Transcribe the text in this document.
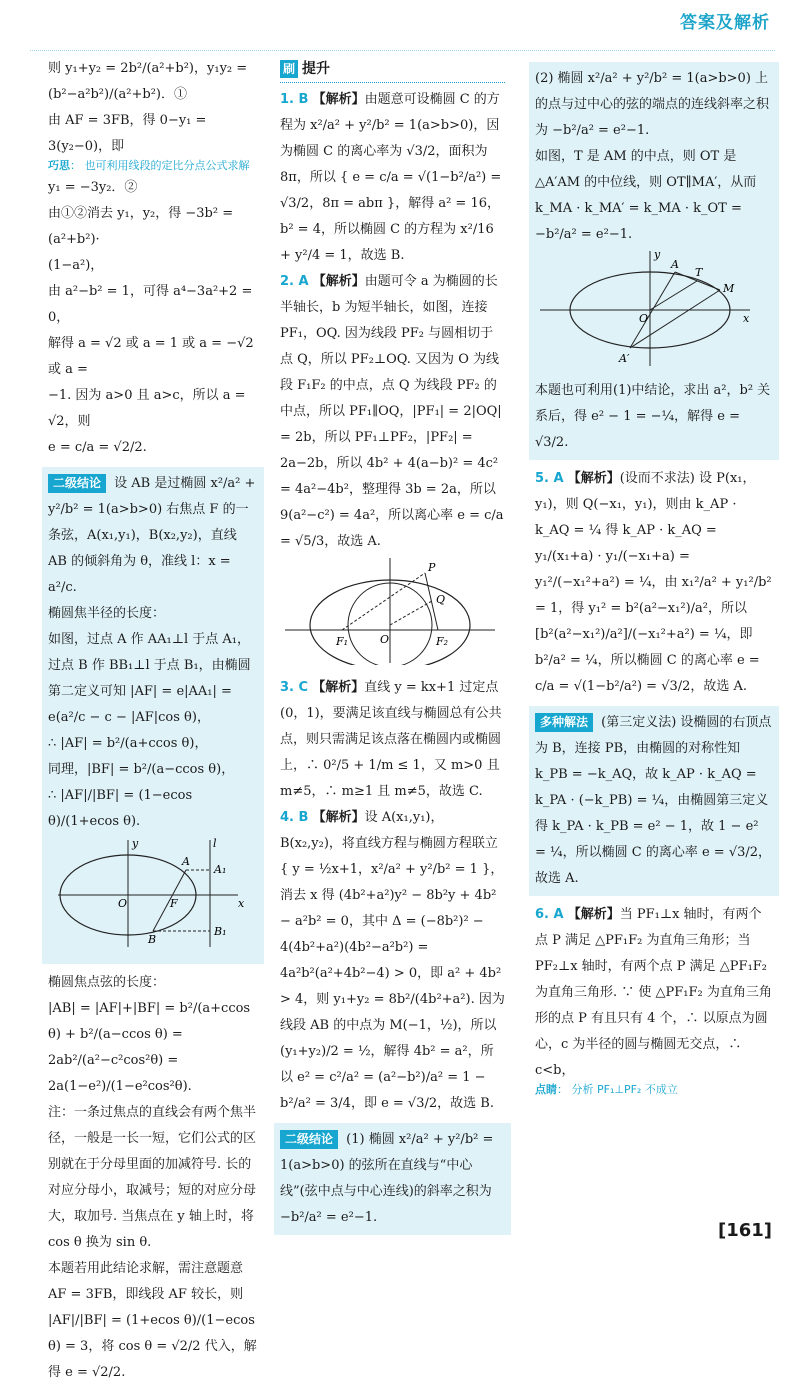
答案及解析

则 y₁+y₂ = 2b²/(a²+b²)，y₁y₂ = (b²−a²b²)/(a²+b²)．①

由 AF = 3FB，得 0−y₁ = 3(y₂−0)，即

巧思： 也可利用线段的定比分点公式求解

y₁ = −3y₂．②

由①②消去 y₁，y₂，得 −3b² = (a²+b²)·

(1−a²)，

由 a²−b² = 1，可得 a⁴−3a²+2 = 0，

解得 a = √2 或 a = 1 或 a = −√2 或 a =

−1. 因为 a>0 且 a>c，所以 a = √2，则

e = c/a = √2/2.

二级结论 设 AB 是过椭圆 x²/a² + y²/b² = 1(a>b>0) 右焦点 F 的一条弦，A(x₁,y₁)，B(x₂,y₂)，直线 AB 的倾斜角为 θ，准线 l：x = a²/c.

椭圆焦半径的长度：

如图，过点 A 作 AA₁⊥l 于点 A₁，过点 B 作 BB₁⊥l 于点 B₁，由椭圆第二定义可知 |AF| = e|AA₁| = e(a²/c − c − |AF|cos θ)，

∴ |AF| = b²/(a+ccos θ)，

同理，|BF| = b²/(a−ccos θ)，

∴ |AF|/|BF| = (1−ecos θ)/(1+ecos θ).

A
A₁
F
B
B₁
O
l
y
x

椭圆焦点弦的长度：

|AB| = |AF|+|BF| = b²/(a+ccos θ) + b²/(a−ccos θ) = 2ab²/(a²−c²cos²θ) = 2a(1−e²)/(1−e²cos²θ).

注：一条过焦点的直线会有两个焦半径，一般是一长一短，它们公式的区别就在于分母里面的加减符号. 长的对应分母小，取减号；短的对应分母大，取加号. 当焦点在 y 轴上时，将 cos θ 换为 sin θ.

本题若用此结论求解，需注意题意 AF = 3FB，即线段 AF 较长，则 |AF|/|BF| = (1+ecos θ)/(1−ecos θ) = 3，将 cos θ = √2/2 代入，解得 e = √2/2.

刷 提升

1. B 【解析】由题意可设椭圆 C 的方程为 x²/a² + y²/b² = 1(a>b>0)，因为椭圆 C 的离心率为 √3/2，面积为 8π，所以 { e = c/a = √(1−b²/a²) = √3/2，8π = abπ }，解得 a² = 16，b² = 4，所以椭圆 C 的方程为 x²/16 + y²/4 = 1，故选 B.

2. A 【解析】由题可令 a 为椭圆的长半轴长，b 为短半轴长，如图，连接 PF₁，OQ. 因为线段 PF₂ 与圆相切于点 Q，所以 PF₂⊥OQ. 又因为 O 为线段 F₁F₂ 的中点，点 Q 为线段 PF₂ 的中点，所以 PF₁∥OQ，|PF₁| = 2|OQ| = 2b，所以 PF₁⊥PF₂，|PF₂| = 2a−2b，所以 4b² + 4(a−b)² = 4c² = 4a²−4b²，整理得 3b = 2a，所以 9(a²−c²) = 4a²，所以离心率 e = c/a = √5/3，故选 A.

P
Q
F₁	F₂
O

3. C 【解析】直线 y = kx+1 过定点(0，1)，要满足该直线与椭圆总有公共点，则只需满足该点落在椭圆内或椭圆上，∴ 0²/5 + 1/m ≤ 1，又 m>0 且 m≠5，∴ m≥1 且 m≠5，故选 C.

4. B 【解析】设 A(x₁,y₁)，B(x₂,y₂)，将直线方程与椭圆方程联立 { y = ½x+1，x²/a² + y²/b² = 1 }，消去 x 得 (4b²+a²)y² − 8b²y + 4b² − a²b² = 0，其中 Δ = (−8b²)² − 4(4b²+a²)(4b²−a²b²) = 4a²b²(a²+4b²−4) > 0，即 a² + 4b² > 4，则 y₁+y₂ = 8b²/(4b²+a²). 因为线段 AB 的中点为 M(−1，½)，所以 (y₁+y₂)/2 = ½，解得 4b² = a²，所以 e² = c²/a² = (a²−b²)/a² = 1 − b²/a² = 3/4，即 e = √3/2，故选 B.

二级结论 (1) 椭圆 x²/a² + y²/b² = 1(a>b>0) 的弦所在直线与“中心线”(弦中点与中心连线)的斜率之积为 −b²/a² = e²−1.

(2) 椭圆 x²/a² + y²/b² = 1(a>b>0) 上的点与过中心的弦的端点的连线斜率之积为 −b²/a² = e²−1.

如图，T 是 AM 的中点，则 OT 是 △A′AM 的中位线，则 OT∥MA′，从而 k_MA · k_MA′ = k_MA · k_OT = −b²/a² = e²−1.

A
T
M
O
A′
y
x

本题也可利用(1)中结论，求出 a²，b² 关系后，得 e² − 1 = −¼，解得 e = √3/2.

5. A 【解析】(设而不求法) 设 P(x₁，y₁)，则 Q(−x₁，y₁)，则由 k_AP · k_AQ = ¼ 得 k_AP · k_AQ = y₁/(x₁+a) · y₁/(−x₁+a) = y₁²/(−x₁²+a²) = ¼，由 x₁²/a² + y₁²/b² = 1，得 y₁² = b²(a²−x₁²)/a²，所以 [b²(a²−x₁²)/a²]/(−x₁²+a²) = ¼，即 b²/a² = ¼，所以椭圆 C 的离心率 e = c/a = √(1−b²/a²) = √3/2，故选 A.

多种解法 (第三定义法) 设椭圆的右顶点为 B，连接 PB，由椭圆的对称性知 k_PB = −k_AQ，故 k_AP · k_AQ = k_PA · (−k_PB) = ¼，由椭圆第三定义得 k_PA · k_PB = e² − 1，故 1 − e² = ¼，所以椭圆 C 的离心率 e = √3/2，故选 A.

6. A 【解析】当 PF₁⊥x 轴时，有两个点 P 满足 △PF₁F₂ 为直角三角形；当 PF₂⊥x 轴时，有两个点 P 满足 △PF₁F₂ 为直角三角形. ∵ 使 △PF₁F₂ 为直角三角形的点 P 有且只有 4 个，∴ 以原点为圆心，c 为半径的圆与椭圆无交点，∴ c<b，

点睛： 分析 PF₁⊥PF₂ 不成立
[161]
